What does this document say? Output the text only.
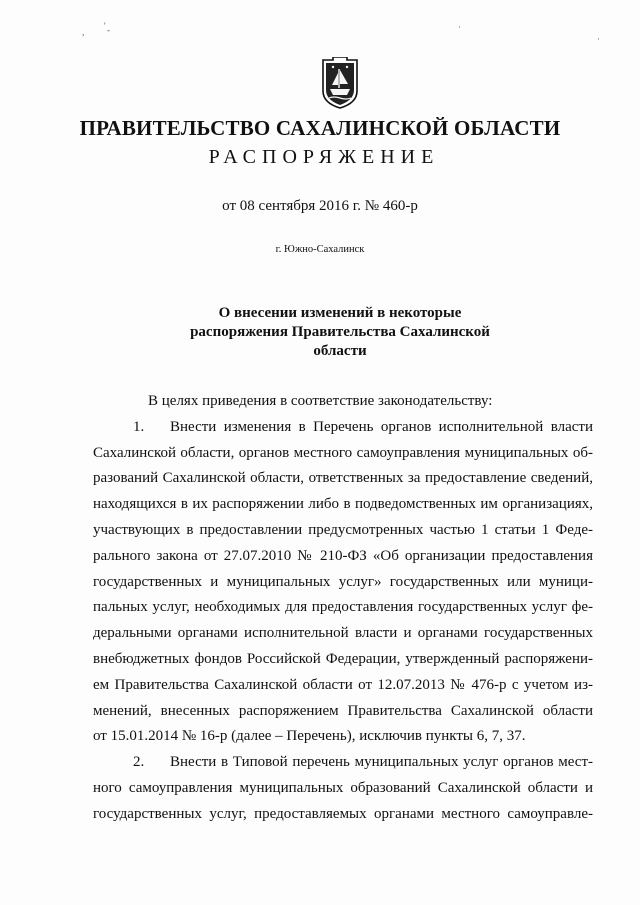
,
' -	·
·
ПРАВИТЕЛЬСТВО САХАЛИНСКОЙ ОБЛАСТИ
РАСПОРЯЖЕНИЕ
от 08 сентября 2016 г. № 460-р
г. Южно-Сахалинск
О внесении изменений в некоторые
распоряжения Правительства Сахалинской
области
В целях приведения в соответствие законодательству:
1. Внести изменения в Перечень органов исполнительной власти
Сахалинской области, органов местного самоуправления муниципальных об-
разований Сахалинской области, ответственных за предоставление сведений,
находящихся в их распоряжении либо в подведомственных им организациях,
участвующих в предоставлении предусмотренных частью 1 статьи 1 Феде-
рального закона от 27.07.2010 № 210-ФЗ «Об организации предоставления
государственных и муниципальных услуг» государственных или муници-
пальных услуг, необходимых для предоставления государственных услуг фе-
деральными органами исполнительной власти и органами государственных
внебюджетных фондов Российской Федерации, утвержденный распоряжени-
ем Правительства Сахалинской области от 12.07.2013 № 476-р с учетом из-
менений, внесенных распоряжением Правительства Сахалинской области
от 15.01.2014 № 16-р (далее – Перечень), исключив пункты 6, 7, 37.
2. Внести в Типовой перечень муниципальных услуг органов мест-
ного самоуправления муниципальных образований Сахалинской области и
государственных услуг, предоставляемых органами местного самоуправле-
